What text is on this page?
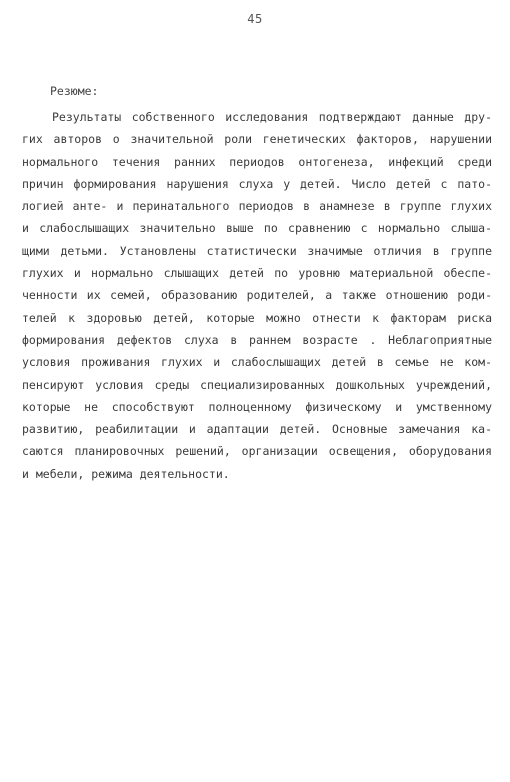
45
Резюме:
Результаты собственного исследования подтверждают данные дру-
гих авторов о значительной роли генетических факторов, нарушении
нормального течения ранних периодов онтогенеза, инфекций среди
причин формирования нарушения слуха у детей. Число детей с пато-
логией анте- и перинатального периодов в анамнезе в группе глухих
и слабослышащих значительно выше по сравнению с нормально слыша-
щими детьми. Установлены статистически значимые отличия в группе
глухих и нормально слышащих детей по уровню материальной обеспе-
ченности их семей, образованию родителей, а также отношению роди-
телей к здоровью детей, которые можно отнести к факторам риска
формирования дефектов слуха в раннем возрасте . Неблагоприятные
условия проживания глухих и слабослышащих детей в семье не ком-
пенсируют условия среды специализированных дошкольных учреждений,
которые не способствуют полноценному физическому и умственному
развитию, реабилитации и адаптации детей. Основные замечания ка-
саются планировочных решений, организации освещения, оборудования
и мебели, режима деятельности.
